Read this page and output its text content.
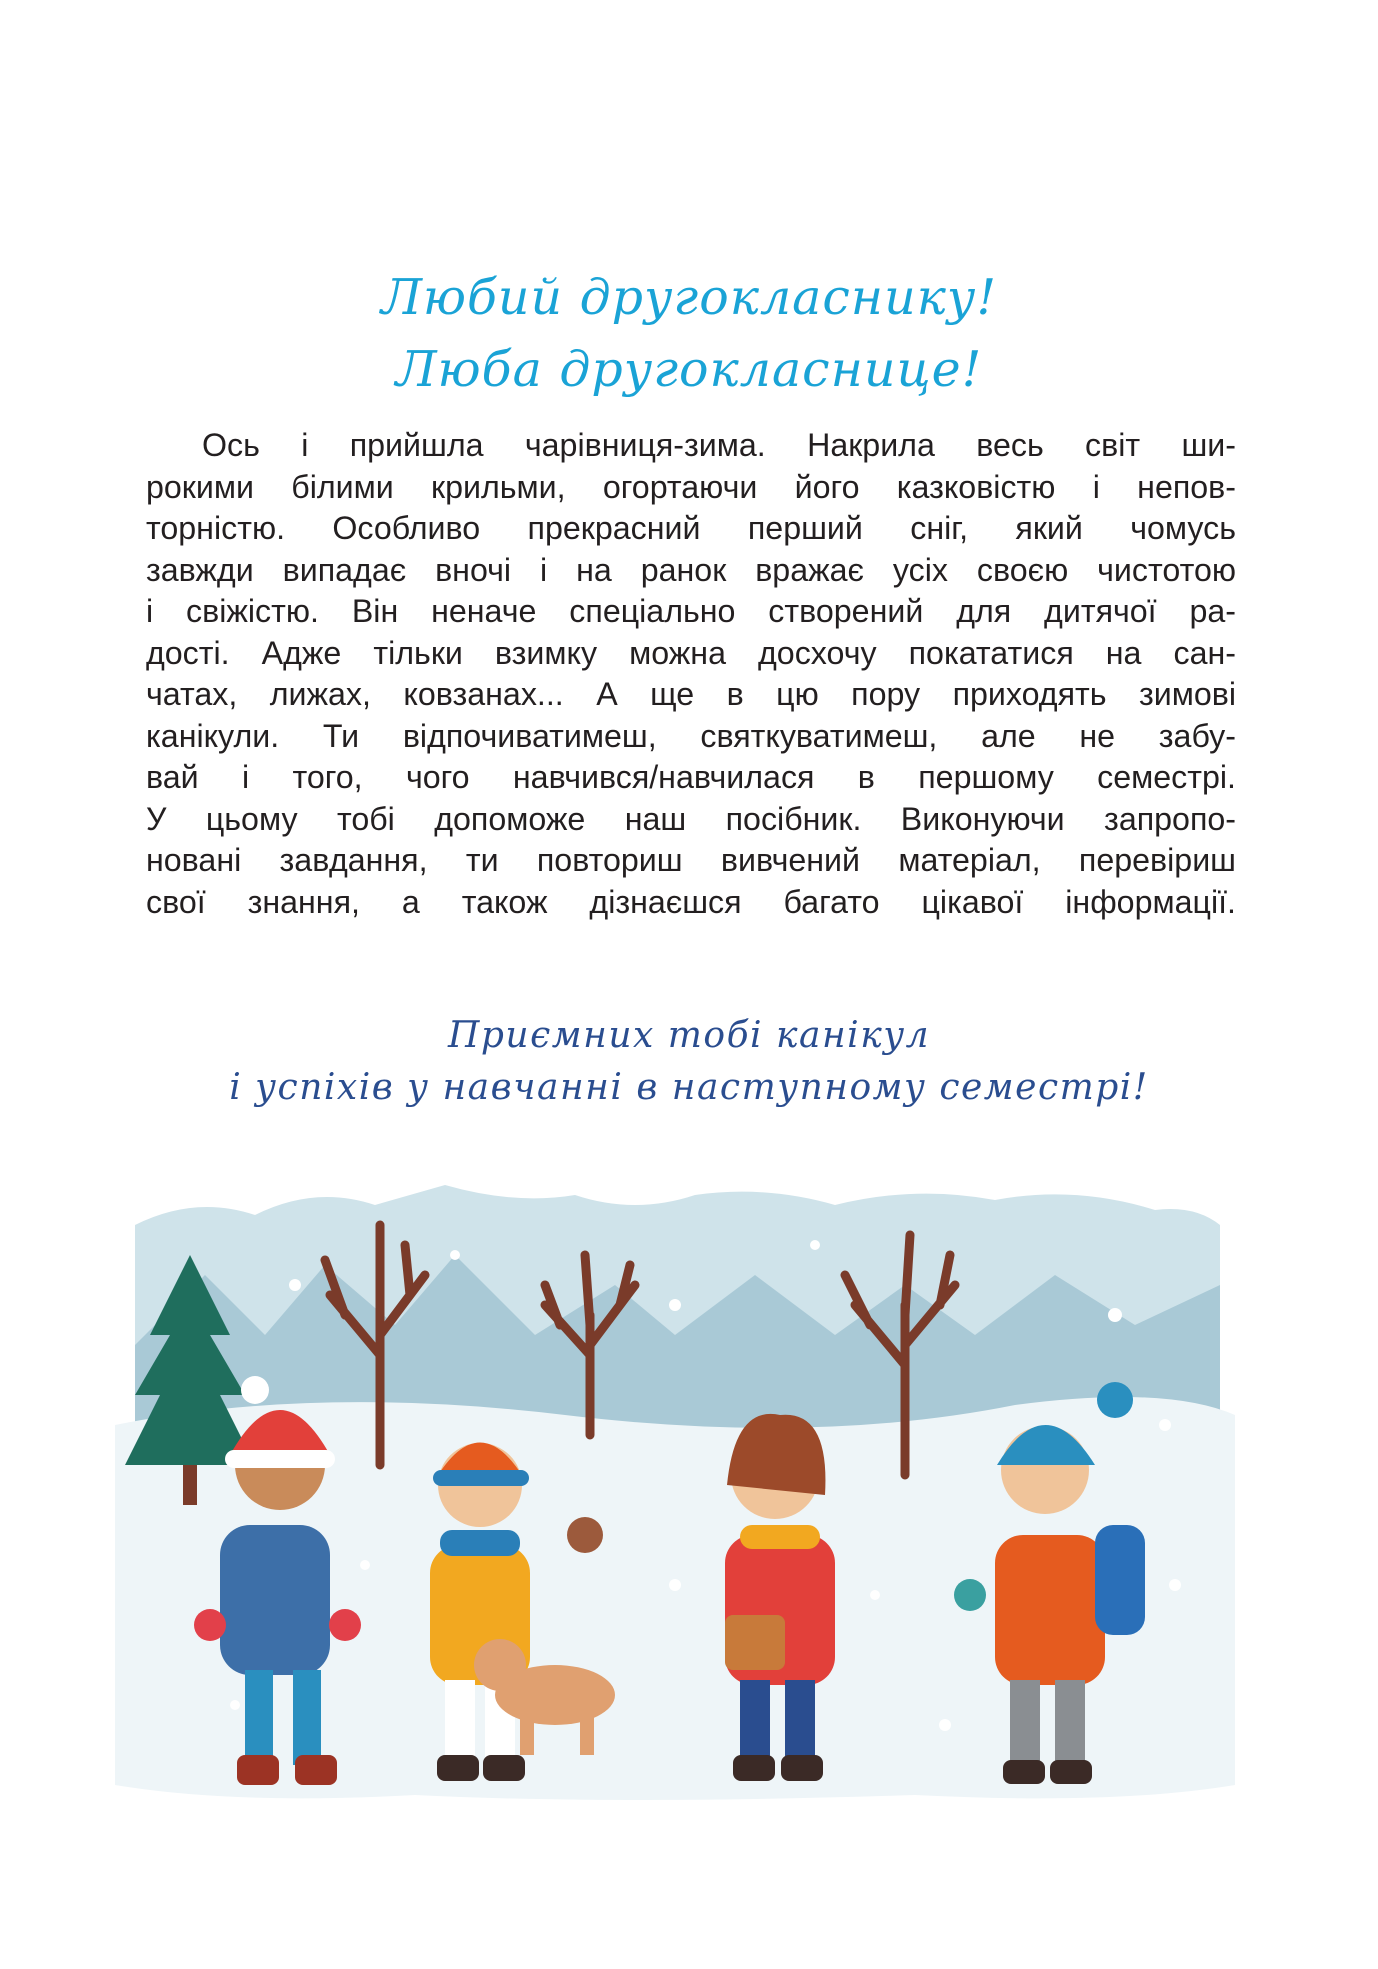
Любий другокласнику!
Люба другокласнице!
Ось і прийшла чарівниця-зима. Накрила весь світ ши-
рокими білими крильми, огортаючи його казковістю і непов-
торністю. Особливо прекрасний перший сніг, який чомусь
завжди випадає вночі і на ранок вражає усіх своєю чистотою
і свіжістю. Він неначе спеціально створений для дитячої ра-
дості. Адже тільки взимку можна досхочу покататися на сан-
чатах, лижах, ковзанах... А ще в цю пору приходять зимові
канікули. Ти відпочиватимеш, святкуватимеш, але не забу-
вай і того, чого навчився/навчилася в першому семестрі.
У цьому тобі допоможе наш посібник. Виконуючи запропо-
новані завдання, ти повториш вивчений матеріал, перевіриш
свої знання, а також дізнаєшся багато цікавої інформації.
Приємних тобі канікул
і успіхів у навчанні в наступному семестрі!
